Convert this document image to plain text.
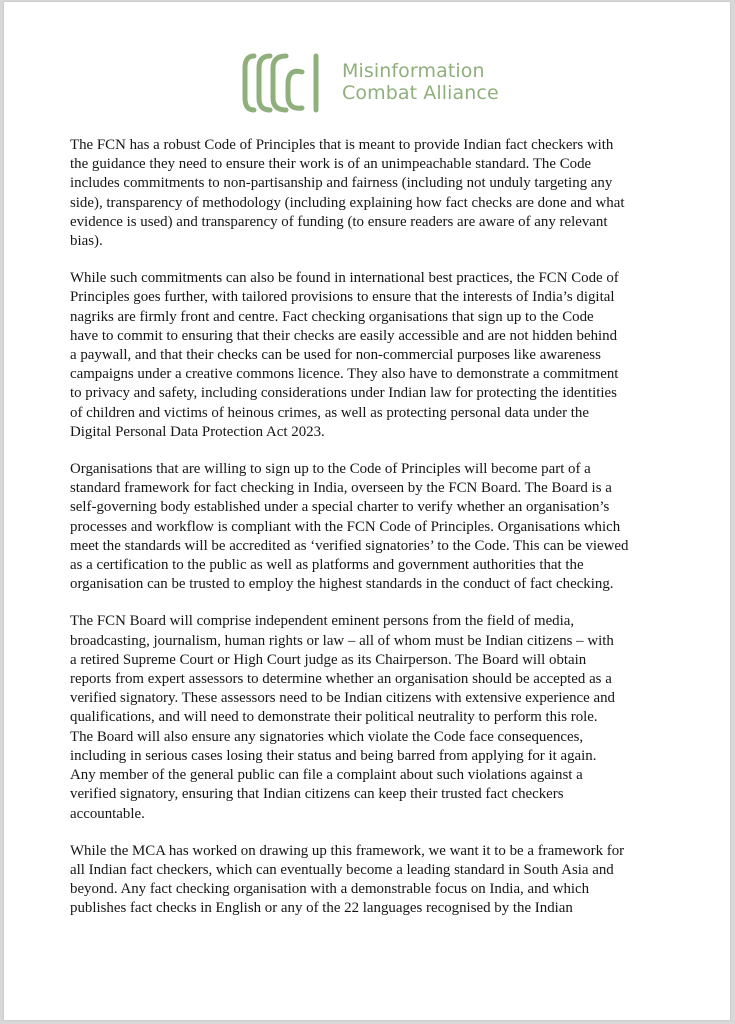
Misinformation
Combat Alliance

The FCN has a robust Code of Principles that is meant to provide Indian fact checkers with
the guidance they need to ensure their work is of an unimpeachable standard. The Code
includes commitments to non-partisanship and fairness (including not unduly targeting any
side), transparency of methodology (including explaining how fact checks are done and what
evidence is used) and transparency of funding (to ensure readers are aware of any relevant
bias).

While such commitments can also be found in international best practices, the FCN Code of
Principles goes further, with tailored provisions to ensure that the interests of India’s digital
nagriks are firmly front and centre. Fact checking organisations that sign up to the Code
have to commit to ensuring that their checks are easily accessible and are not hidden behind
a paywall, and that their checks can be used for non-commercial purposes like awareness
campaigns under a creative commons licence. They also have to demonstrate a commitment
to privacy and safety, including considerations under Indian law for protecting the identities
of children and victims of heinous crimes, as well as protecting personal data under the
Digital Personal Data Protection Act 2023.

Organisations that are willing to sign up to the Code of Principles will become part of a
standard framework for fact checking in India, overseen by the FCN Board. The Board is a
self-governing body established under a special charter to verify whether an organisation’s
processes and workflow is compliant with the FCN Code of Principles. Organisations which
meet the standards will be accredited as ‘verified signatories’ to the Code. This can be viewed
as a certification to the public as well as platforms and government authorities that the
organisation can be trusted to employ the highest standards in the conduct of fact checking.

The FCN Board will comprise independent eminent persons from the field of media,
broadcasting, journalism, human rights or law – all of whom must be Indian citizens – with
a retired Supreme Court or High Court judge as its Chairperson. The Board will obtain
reports from expert assessors to determine whether an organisation should be accepted as a
verified signatory. These assessors need to be Indian citizens with extensive experience and
qualifications, and will need to demonstrate their political neutrality to perform this role.
The Board will also ensure any signatories which violate the Code face consequences,
including in serious cases losing their status and being barred from applying for it again.
Any member of the general public can file a complaint about such violations against a
verified signatory, ensuring that Indian citizens can keep their trusted fact checkers
accountable.

While the MCA has worked on drawing up this framework, we want it to be a framework for
all Indian fact checkers, which can eventually become a leading standard in South Asia and
beyond. Any fact checking organisation with a demonstrable focus on India, and which
publishes fact checks in English or any of the 22 languages recognised by the Indian
